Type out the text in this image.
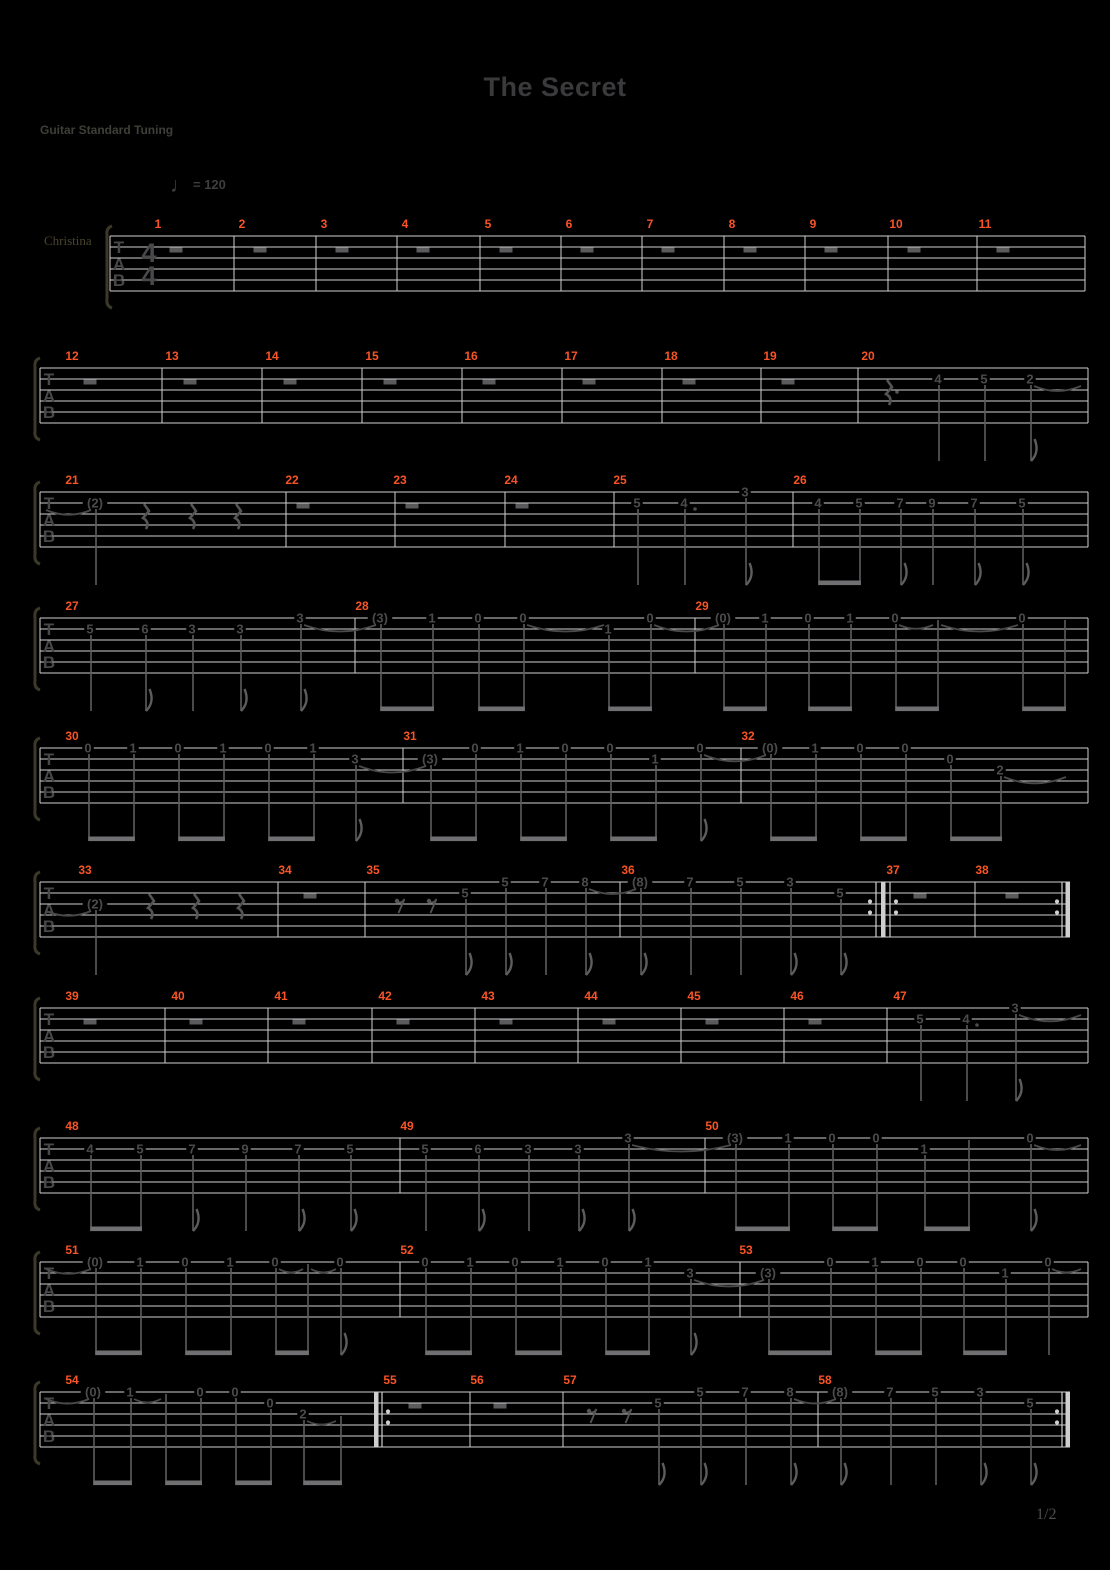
The Secret
Guitar Standard Tuning
♩ = 120
Christina T
A
B
4
4
1	2	3	4	5	6	7	8	9	10	11
T
A
B
12	13	14	15	16	17	18	19	20
4	5	2
T
A
B
21	22	23	24	25	26
(2)	5	4
3
4	5	7 9	7	5
T
A
B
27	28	29
5	6	3	3
3	(3)	1	0	0
1
0	(0) 1	0	1	0	0
T
A
B
30	31	32
0	1	0	1	0	1
3	(3)
0	1	0	0
1
0	(0)	1	0	0
0
2
T
A
B
33	34	35	36	37	38
(2)
5
5	7	8	(8)	7	5	3
5
T
A
B
39	40	41	42	43	44	45	46	47
5	4
3
T
A
B
48	49	50
4	5	7	9	7	5	5	6	3	3
3	(3)	1	0	0
1
0
T
A
B
51	52	53
(0)	1	0	1	0	0	0	1	0	1	0	1
3	(3)
0	1	0	0
1
0
T
A
B
54	55	56	57	58
(0) 1	0 0
0
2
5
5	7	8	(8)	7	5	3
5
1/2
